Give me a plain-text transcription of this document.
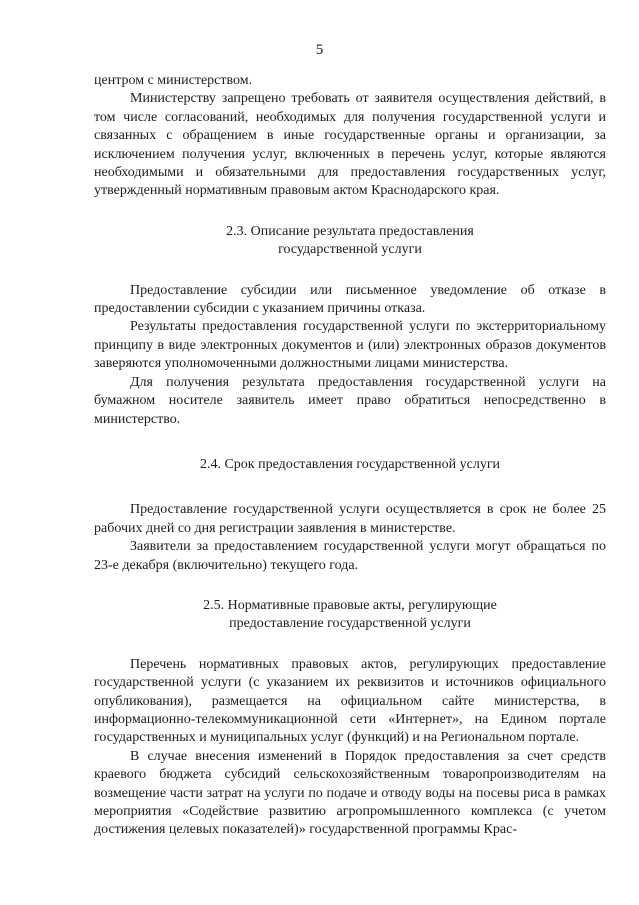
5

центром с министерством.

Министерству запрещено требовать от заявителя осуществления действий, в том числе согласований, необходимых для получения государственной услуги и связанных с обращением в иные государственные органы и организации, за исключением получения услуг, включенных в перечень услуг, которые являются необходимыми и обязательными для предоставления государственных услуг, утвержденный нормативным правовым актом Краснодарского края.

2.3. Описание результата предоставления
государственной услуги

Предоставление субсидии или письменное уведомление об отказе в предоставлении субсидии с указанием причины отказа.

Результаты предоставления государственной услуги по экстерриториальному принципу в виде электронных документов и (или) электронных образов документов заверяются уполномоченными должностными лицами министерства.

Для получения результата предоставления государственной услуги на бумажном носителе заявитель имеет право обратиться непосредственно в министерство.

2.4. Срок предоставления государственной услуги

Предоставление государственной услуги осуществляется в срок не более 25 рабочих дней со дня регистрации заявления в министерстве.

Заявители за предоставлением государственной услуги могут обращаться по 23-е декабря (включительно) текущего года.

2.5. Нормативные правовые акты, регулирующие
предоставление государственной услуги

Перечень нормативных правовых актов, регулирующих предоставление государственной услуги (с указанием их реквизитов и источников официального опубликования), размещается на официальном сайте министерства, в информационно-телекоммуникационной сети «Интернет», на Едином портале государственных и муниципальных услуг (функций) и на Региональном портале.

В случае внесения изменений в Порядок предоставления за счет средств краевого бюджета субсидий сельскохозяйственным товаропроизводителям на возмещение части затрат на услуги по подаче и отводу воды на посевы риса в рамках мероприятия «Содействие развитию агропромышленного комплекса (с учетом достижения целевых показателей)» государственной программы Крас-
